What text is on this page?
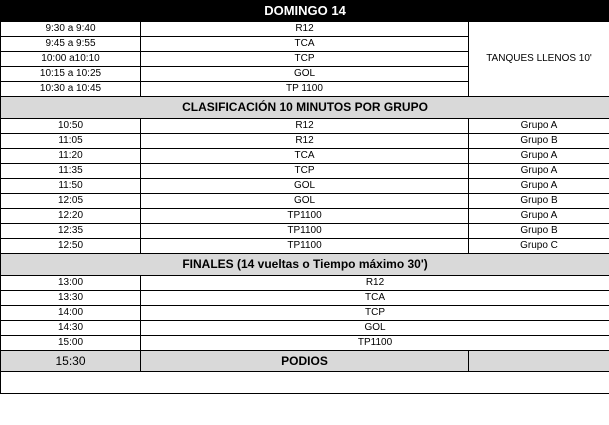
DOMINGO 14		
9:30 a 9:40	R12	TANQUES LLENOS 10'
9:45 a 9:55	TCA	
10:00 a10:10	TCP	
10:15 a 10:25	GOL	
10:30 a 10:45	TP 1100	
CLASIFICACIÓN 10 MINUTOS POR GRUPO		
10:50	R12	Grupo A
11:05	R12	Grupo B
11:20	TCA	Grupo A
11:35	TCP	Grupo A
11:50	GOL	Grupo A
12:05	GOL	Grupo B
12:20	TP1100	Grupo A
12:35	TP1100	Grupo B
12:50	TP1100	Grupo C
FINALES (14 vueltas o Tiempo máximo 30')		
13:00	R12	
13:30	TCA	
14:00	TCP	
14:30	GOL	
15:00	TP1100	
15:30	PODIOS	
